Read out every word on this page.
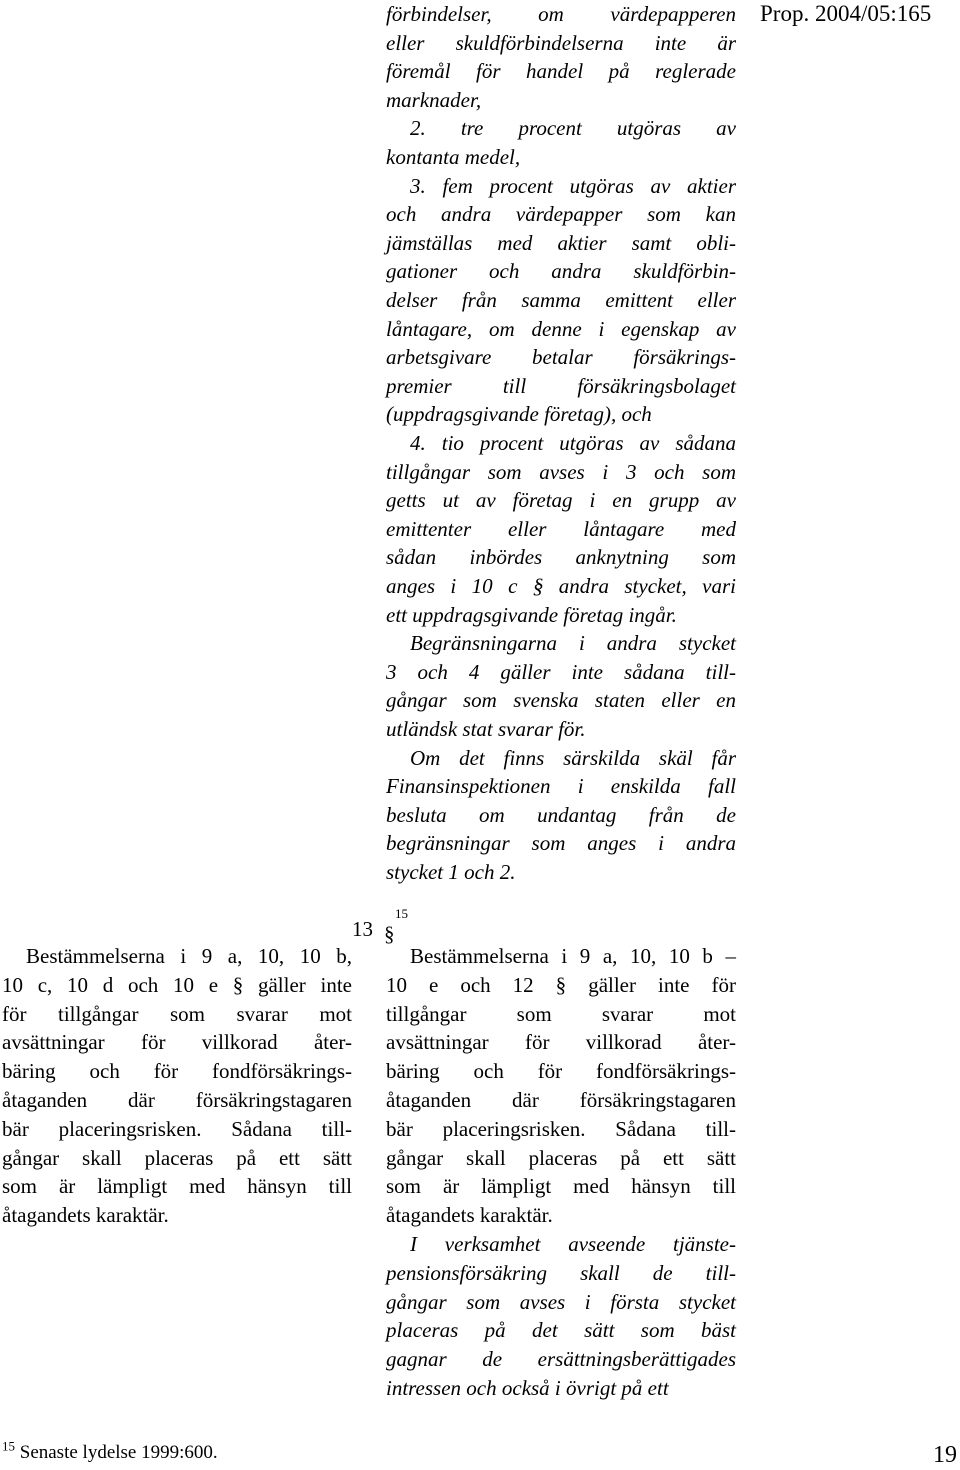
Prop. 2004/05:165
förbindelser, om värdepapperen
eller skuldförbindelserna inte är
föremål för handel på reglerade
marknader,
2. tre procent utgöras av
kontanta medel,
3. fem procent utgöras av aktier
och andra värdepapper som kan
jämställas med aktier samt obli-
gationer och andra skuldförbin-
delser från samma emittent eller
låntagare, om denne i egenskap av
arbetsgivare betalar försäkrings-
premier till försäkringsbolaget
(uppdragsgivande företag), och
4. tio procent utgöras av sådana
tillgångar som avses i 3 och som
getts ut av företag i en grupp av
emittenter eller låntagare med
sådan inbördes anknytning som
anges i 10 c § andra stycket, vari
ett uppdragsgivande företag ingår.
Begränsningarna i andra stycket
3 och 4 gäller inte sådana till-
gångar som svenska staten eller en
utländsk stat svarar för.
Om det finns särskilda skäl får
Finansinspektionen i enskilda fall
besluta om undantag från de
begränsningar som anges i andra
stycket 1 och 2.
13 §
15
Bestämmelserna i 9 a, 10, 10 b,
10 c, 10 d och 10 e § gäller inte
för tillgångar som svarar mot
avsättningar för villkorad åter-
bäring och för fondförsäkrings-
åtaganden där försäkringstagaren
bär placeringsrisken. Sådana till-
gångar skall placeras på ett sätt
som är lämpligt med hänsyn till
åtagandets karaktär.
Bestämmelserna i 9 a, 10, 10 b –
10 e och 12 § gäller inte för
tillgångar som svarar mot
avsättningar för villkorad åter-
bäring och för fondförsäkrings-
åtaganden där försäkringstagaren
bär placeringsrisken. Sådana till-
gångar skall placeras på ett sätt
som är lämpligt med hänsyn till
åtagandets karaktär.
I verksamhet avseende tjänste-
pensionsförsäkring skall de till-
gångar som avses i första stycket
placeras på det sätt som bäst
gagnar de ersättningsberättigades
intressen och också i övrigt på ett
$^{15}$ Senaste lydelse 1999:600.	19
